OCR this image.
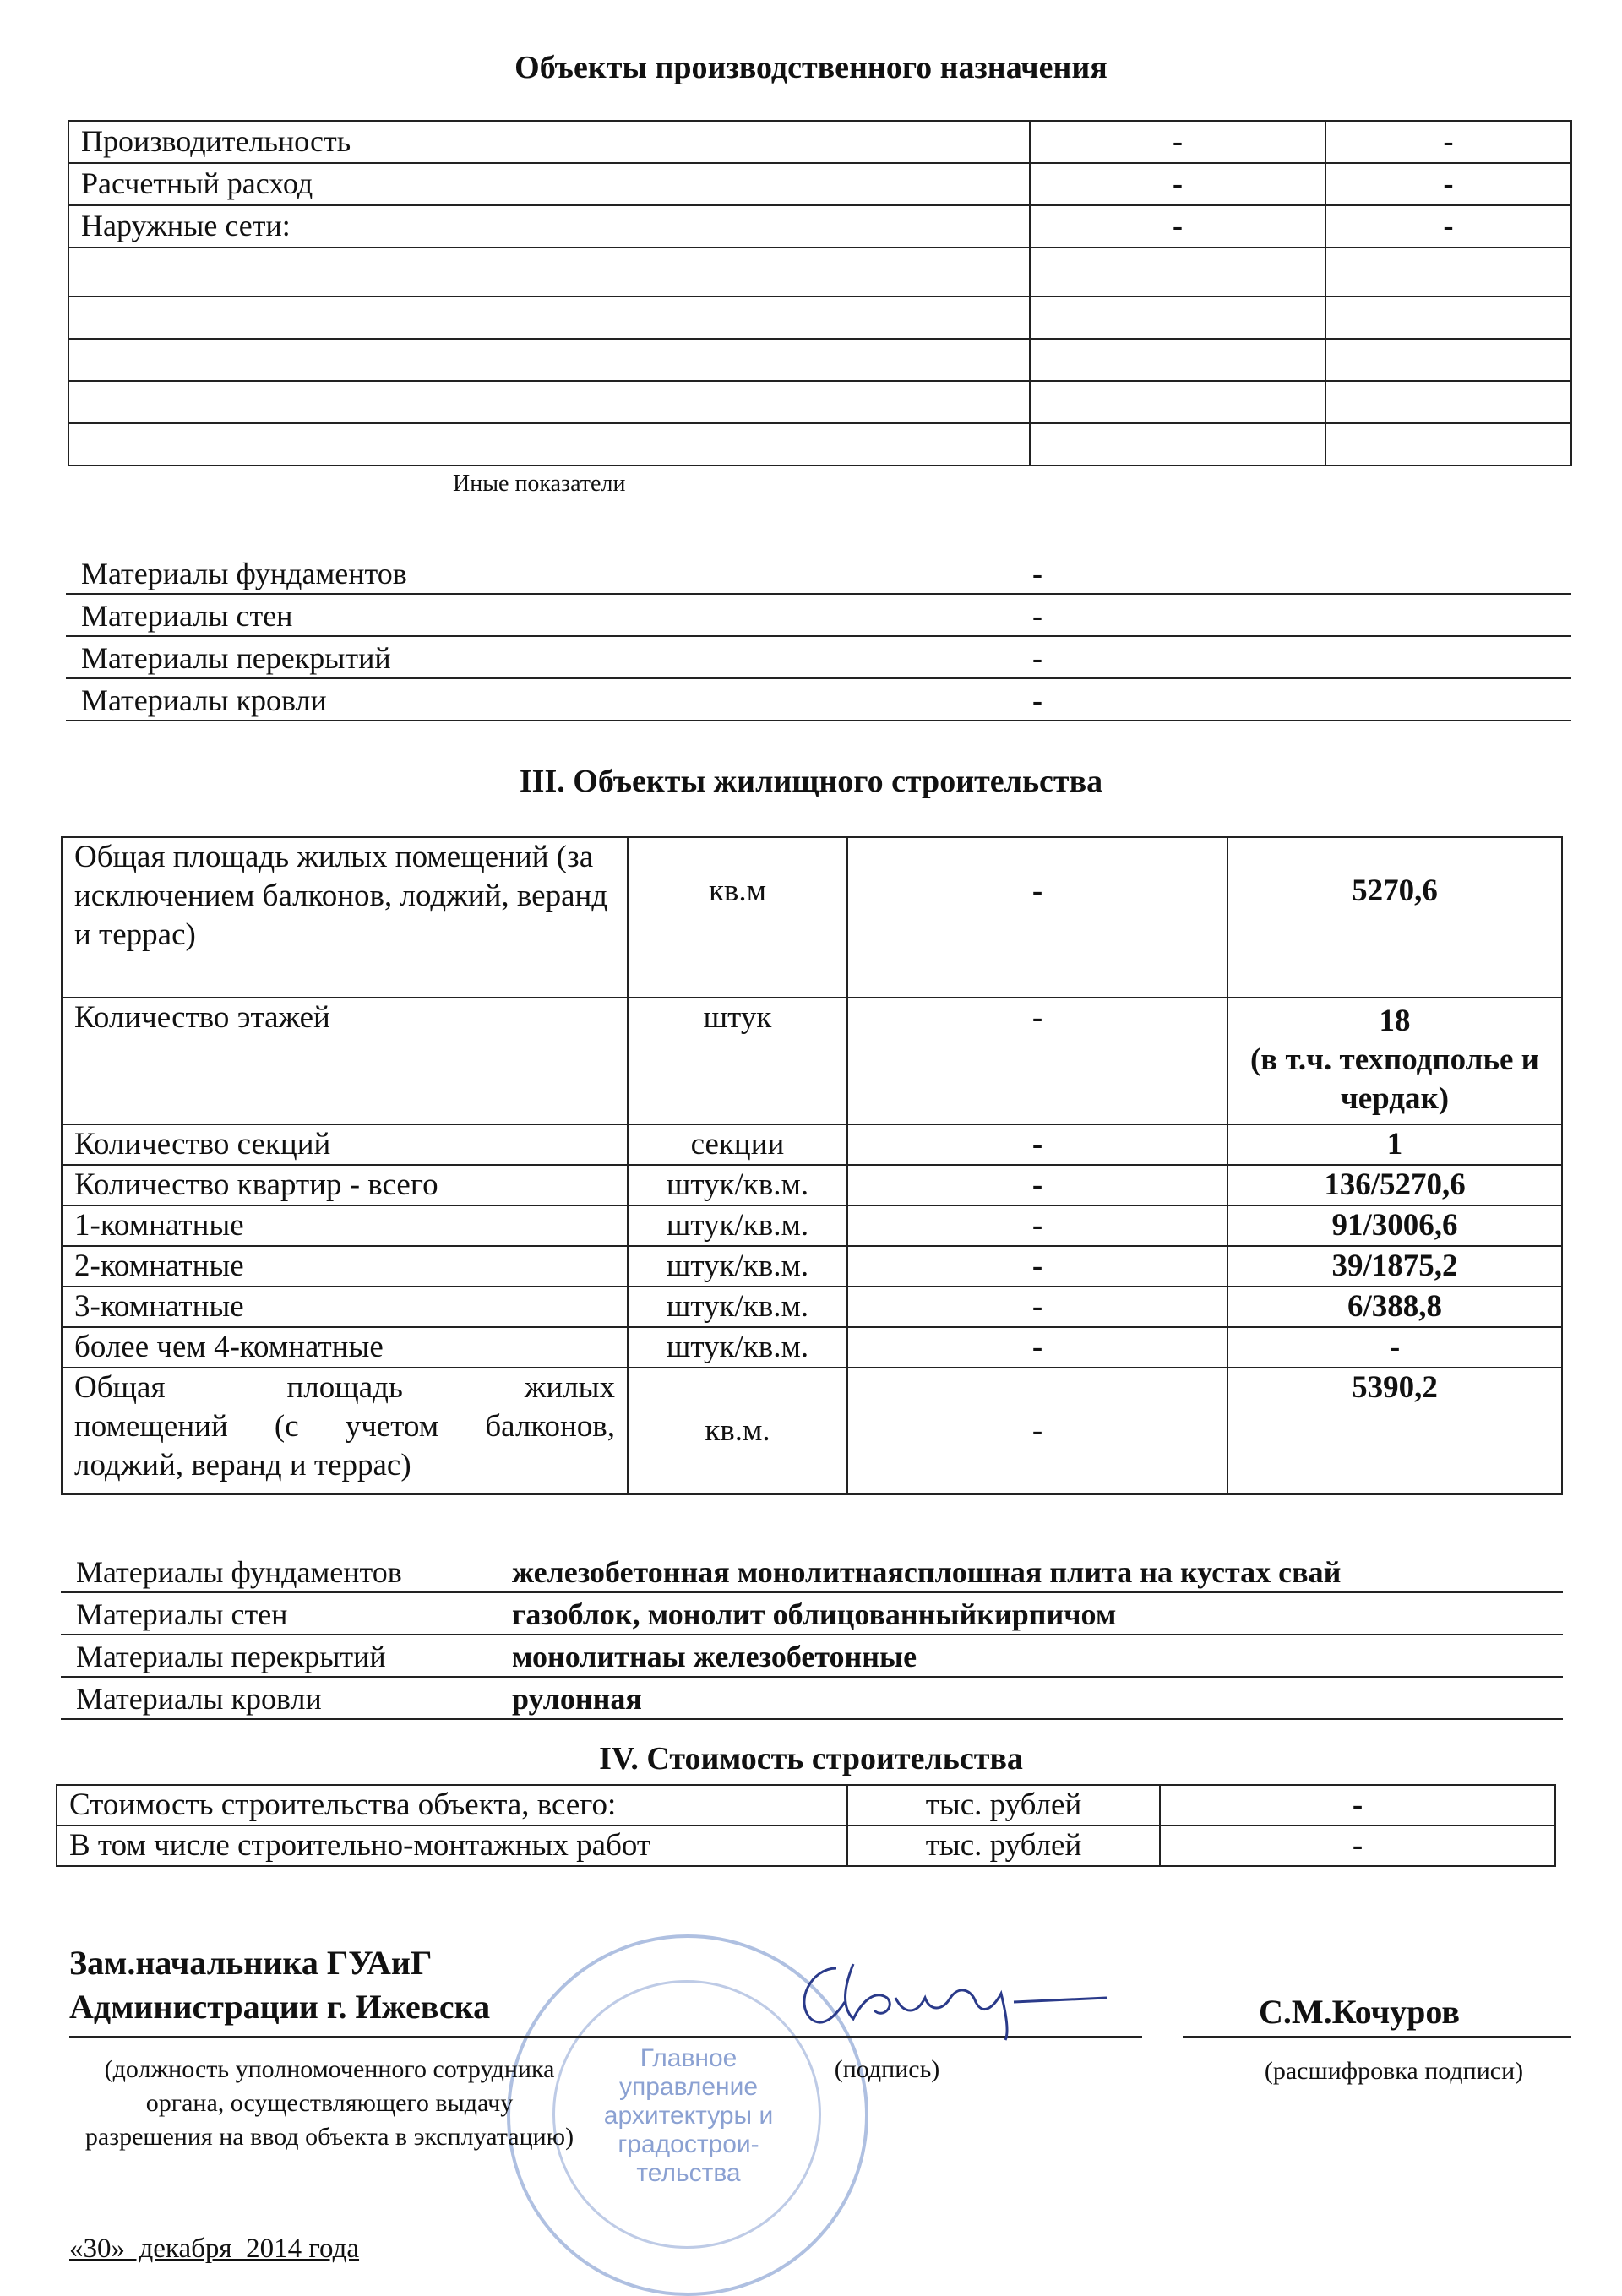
Объекты производственного назначения
Производительность	-	-
Расчетный расход	-	-
Наружные сети:	-	-

Иные показатели
Материалы фундаментов	-
Материалы стен	-
Материалы перекрытий	-
Материалы кровли	-
III. Объекты жилищного строительства
Общая площадь жилых помещений (за исключением балконов, лоджий, веранд и террас)	кв.м	-	5270,6
Количество этажей	штук	-	18
(в т.ч. техподполье и чердак)

Количество секций	секции	-	1
Количество квартир - всего	штук/кв.м.	-	136/5270,6
1-комнатные	штук/кв.м.	-	91/3006,6
2-комнатные	штук/кв.м.	-	39/1875,2
3-комнатные	штук/кв.м.	-	6/388,8
более чем 4-комнатные	штук/кв.м.	-	-

Общая площадь жилых
помещений (с учетом балконов,
лоджий, веранд и террас)	кв.м.	-	5390,2
Материалы фундаментов	железобетонная монолитнаясплошная плита на кустах свай
Материалы стен	газоблок, монолит облицованныйкирпичом
Материалы перекрытий	монолитнаы железобетонные
Материалы кровли	рулонная
IV. Стоимость строительства
Стоимость строительства объекта, всего:	тыс. рублей	-
В том числе строительно-монтажных работ	тыс. рублей	-
Главное управление архитектуры и градострои-тельства
Зам.начальника ГУАиГ
Администрации г. Ижевска	С.М.Кочуров
(должность уполномоченного сотрудника органа, осуществляющего выдачу разрешения на ввод объекта в эксплуатацию)
(подпись)	(расшифровка подписи)
«30»  декабря  2014 года
